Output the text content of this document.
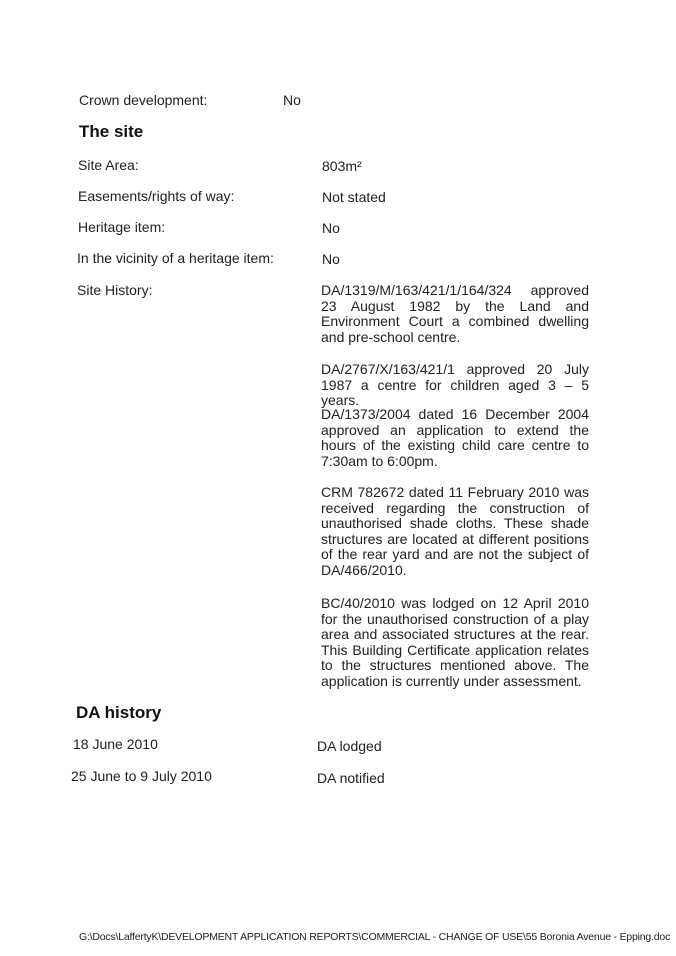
Crown development:	No
The site
Site Area:	803m²
Easements/rights of way:	Not stated
Heritage item:	No
In the vicinity of a heritage item:	No
Site History:	DA/1319/M/163/421/1/164/324 approved 23 August 1982 by the Land and Environment Court a combined dwelling and pre-school centre.
DA/2767/X/163/421/1 approved 20 July 1987 a centre for children aged 3 – 5 years.
DA/1373/2004 dated 16 December 2004 approved an application to extend the hours of the existing child care centre to 7:30am to 6:00pm.
CRM 782672 dated 11 February 2010 was received regarding the construction of unauthorised shade cloths. These shade structures are located at different positions of the rear yard and are not the subject of DA/466/2010.
BC/40/2010 was lodged on 12 April 2010 for the unauthorised construction of a play area and associated structures at the rear. This Building Certificate application relates to the structures mentioned above. The application is currently under assessment.
DA history
18 June 2010	DA lodged
25 June to 9 July 2010	DA notified
G:\Docs\LaffertyK\DEVELOPMENT APPLICATION REPORTS\COMMERCIAL - CHANGE OF USE\55 Boronia Avenue - Epping.doc
